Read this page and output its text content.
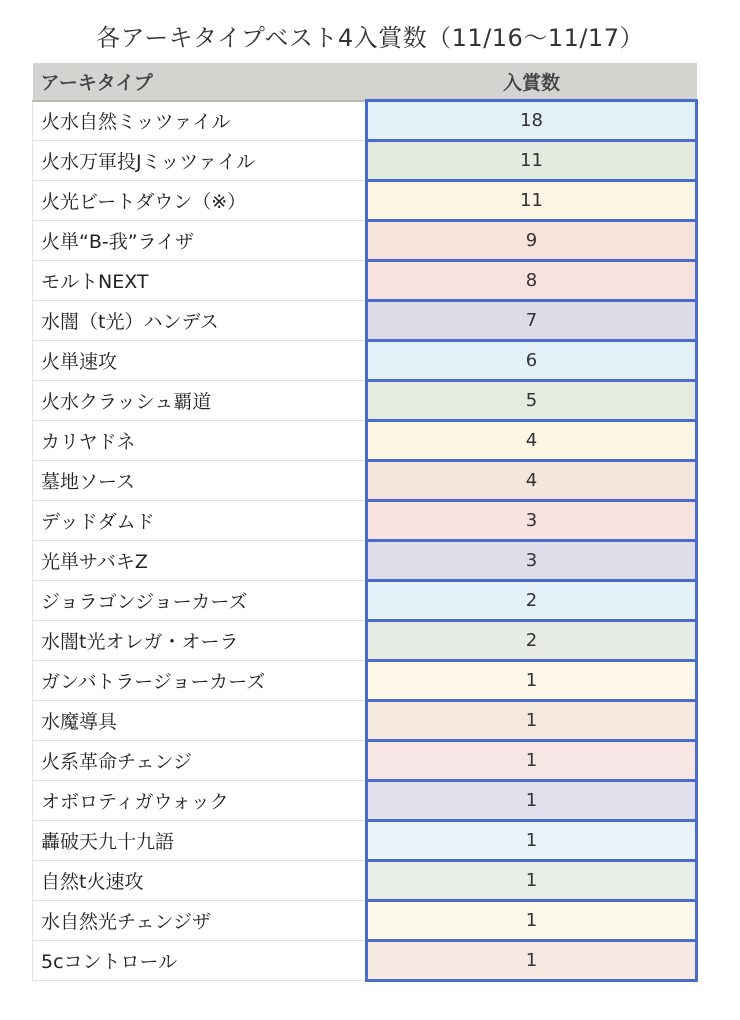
各アーキタイプベスト4入賞数（11/16〜11/17）
アーキタイプ	入賞数
火水自然ミッツァイル	18
火水万軍投Jミッツァイル	11
火光ビートダウン（※）	11
火単“B-我”ライザ	9
モルトNEXT	8
水闇（t光）ハンデス	7
火単速攻	6
火水クラッシュ覇道	5
カリヤドネ	4
墓地ソース	4
デッドダムド	3
光単サバキZ	3
ジョラゴンジョーカーズ	2
水闇t光オレガ・オーラ	2
ガンバトラージョーカーズ	1
水魔導具	1
火系革命チェンジ	1
オボロティガウォック	1
轟破天九十九語	1
自然t火速攻	1
水自然光チェンジザ	1
5cコントロール	1
